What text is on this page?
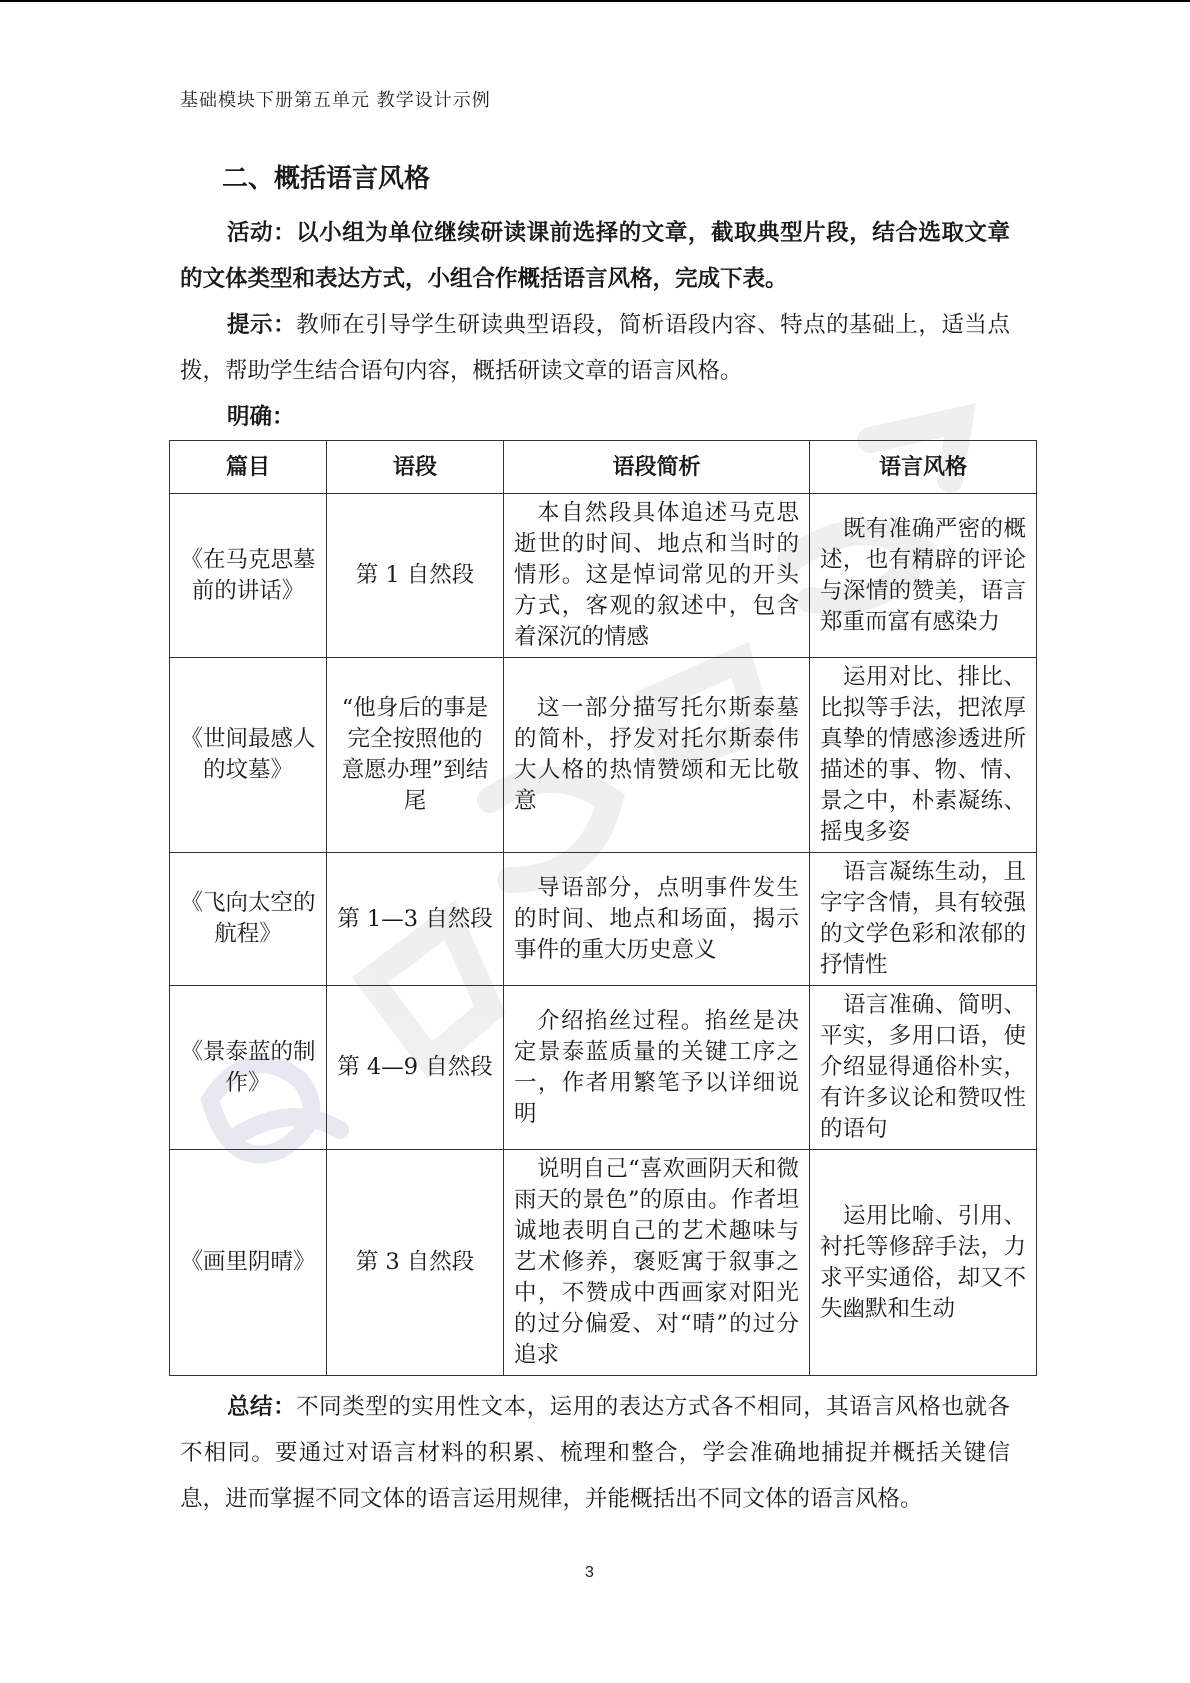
基础模块下册第五单元 教学设计示例
二、概括语言风格
活动：以小组为单位继续研读课前选择的文章，截取典型片段，结合选取文章的文体类型和表达方式，小组合作概括语言风格，完成下表。
提示：教师在引导学生研读典型语段，简析语段内容、特点的基础上，适当点拨，帮助学生结合语句内容，概括研读文章的语言风格。
明确：
篇目	语段	语段简析	语言风格
《在马克思墓前的讲话》	第 1 自然段	本自然段具体追述马克思逝世的时间、地点和当时的情形。这是悼词常见的开头方式，客观的叙述中，包含着深沉的情感	既有准确严密的概述，也有精辟的评论与深情的赞美，语言郑重而富有感染力
《世间最感人的坟墓》	“他身后的事是完全按照他的意愿办理”到结尾	这一部分描写托尔斯泰墓的简朴，抒发对托尔斯泰伟大人格的热情赞颂和无比敬意	运用对比、排比、比拟等手法，把浓厚真挚的情感渗透进所描述的事、物、情、景之中，朴素凝练、摇曳多姿
《飞向太空的航程》	第 1—3 自然段	导语部分，点明事件发生的时间、地点和场面，揭示事件的重大历史意义	语言凝练生动，且字字含情，具有较强的文学色彩和浓郁的抒情性
《景泰蓝的制作》	第 4—9 自然段	介绍掐丝过程。掐丝是决定景泰蓝质量的关键工序之一，作者用繁笔予以详细说明	语言准确、简明、平实，多用口语，使介绍显得通俗朴实，有许多议论和赞叹性的语句
《画里阴晴》	第 3 自然段	说明自己“喜欢画阴天和微雨天的景色”的原由。作者坦诚地表明自己的艺术趣味与艺术修养，褒贬寓于叙事之中，不赞成中西画家对阳光的过分偏爱、对“晴”的过分追求	运用比喻、引用、衬托等修辞手法，力求平实通俗，却又不失幽默和生动
总结：不同类型的实用性文本，运用的表达方式各不相同，其语言风格也就各不相同。要通过对语言材料的积累、梳理和整合，学会准确地捕捉并概括关键信息，进而掌握不同文体的语言运用规律，并能概括出不同文体的语言风格。
3
